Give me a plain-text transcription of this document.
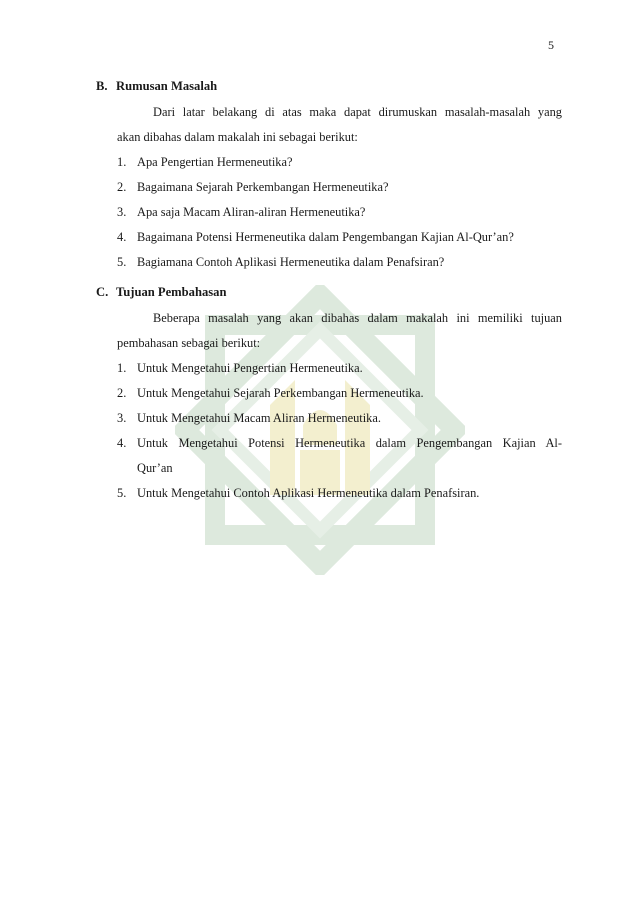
5
B. Rumusan Masalah
Dari latar belakang di atas maka dapat dirumuskan masalah-masalah yang
akan dibahas dalam makalah ini sebagai berikut:
1. Apa Pengertian Hermeneutika?
2. Bagaimana Sejarah Perkembangan Hermeneutika?
3. Apa saja Macam Aliran-aliran Hermeneutika?
4. Bagaimana Potensi Hermeneutika dalam Pengembangan Kajian Al-Qur’an?
5. Bagiamana Contoh Aplikasi Hermeneutika dalam Penafsiran?
C. Tujuan Pembahasan
Beberapa masalah yang akan dibahas dalam makalah ini memiliki tujuan
pembahasan sebagai berikut:
1. Untuk Mengetahui Pengertian Hermeneutika.
2. Untuk Mengetahui Sejarah Perkembangan Hermeneutika.
3. Untuk Mengetahui Macam Aliran Hermeneutika.
4. Untuk Mengetahui Potensi Hermeneutika dalam Pengembangan Kajian Al-
Qur’an
5. Untuk Mengetahui Contoh Aplikasi Hermeneutika dalam Penafsiran.
